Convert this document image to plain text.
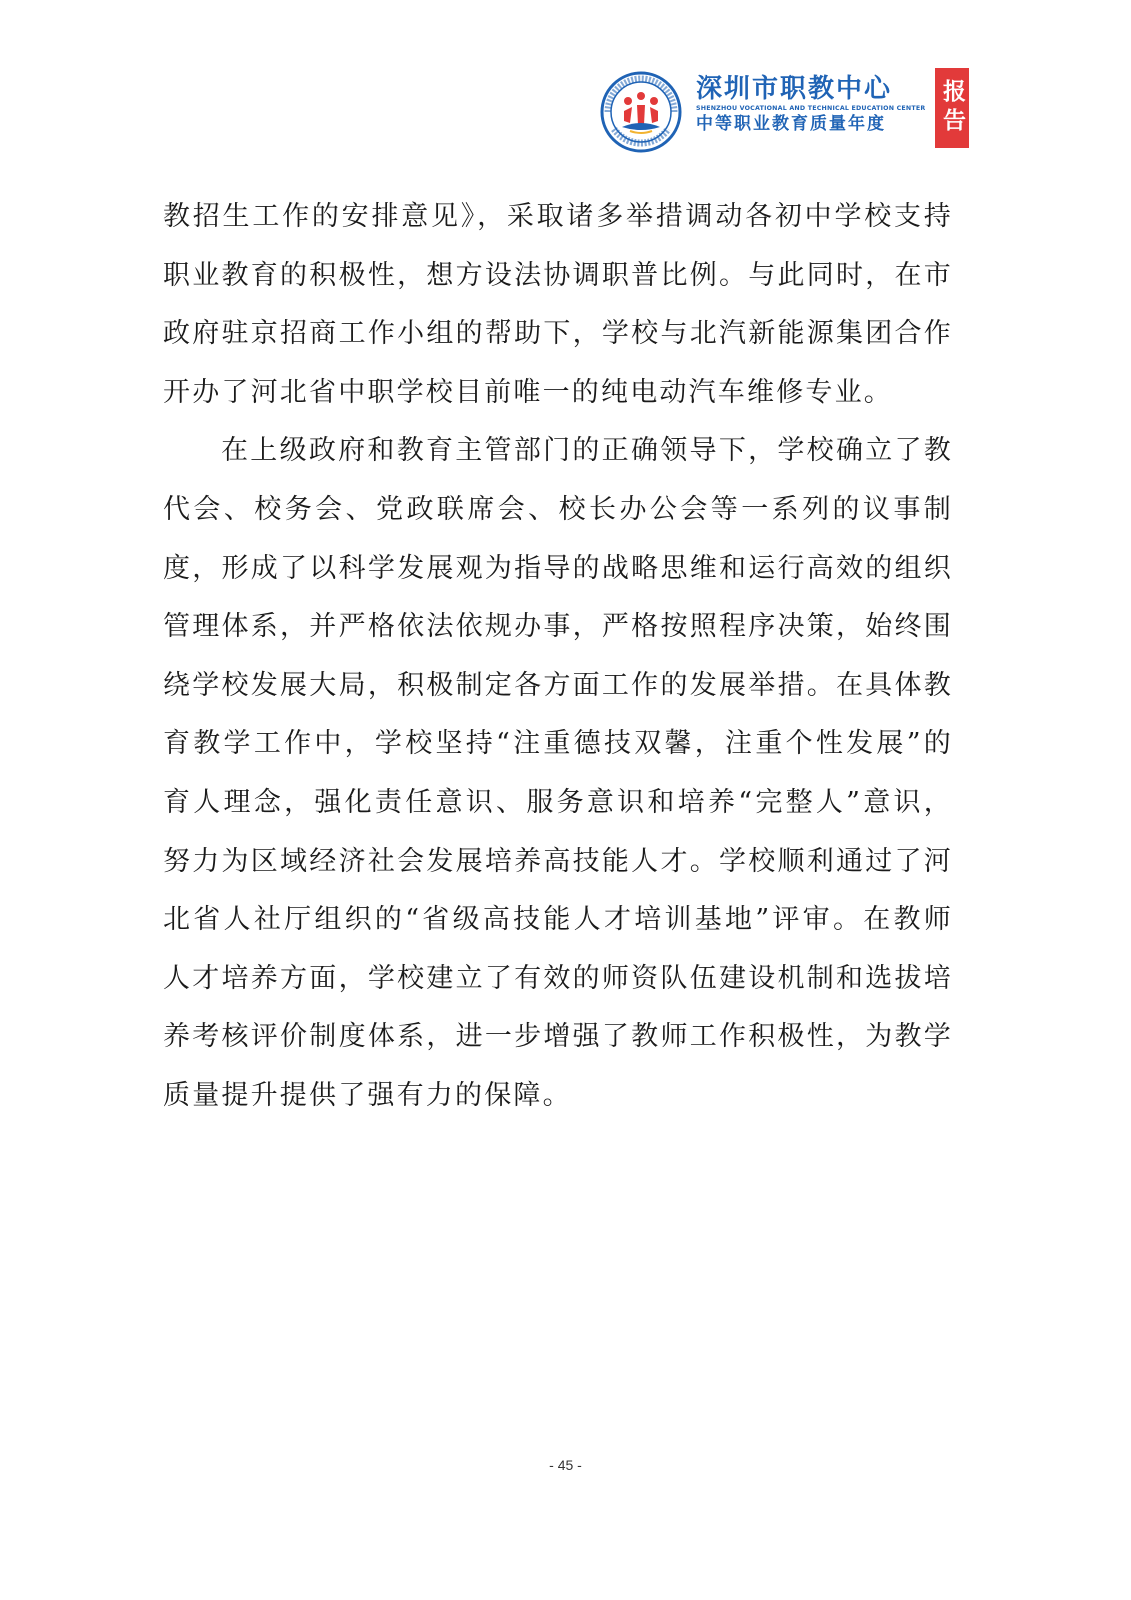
深圳市职教中心
SHENZHOU VOCATIONAL AND TECHNICAL EDUCATION CENTER
中等职业教育质量年度	报告

教招生工作的安排意见》，采取诸多举措调动各初中学校支持职业教育的积极性，想方设法协调职普比例。与此同时，在市政府驻京招商工作小组的帮助下，学校与北汽新能源集团合作开办了河北省中职学校目前唯一的纯电动汽车维修专业。

在上级政府和教育主管部门的正确领导下，学校确立了教代会、校务会、党政联席会、校长办公会等一系列的议事制度，形成了以科学发展观为指导的战略思维和运行高效的组织管理体系，并严格依法依规办事，严格按照程序决策，始终围绕学校发展大局，积极制定各方面工作的发展举措。在具体教育教学工作中，学校坚持“注重德技双馨，注重个性发展”的育人理念，强化责任意识、服务意识和培养“完整人”意识，努力为区域经济社会发展培养高技能人才。学校顺利通过了河北省人社厅组织的“省级高技能人才培训基地”评审。在教师人才培养方面，学校建立了有效的师资队伍建设机制和选拔培养考核评价制度体系，进一步增强了教师工作积极性，为教学质量提升提供了强有力的保障。

- 45 -
